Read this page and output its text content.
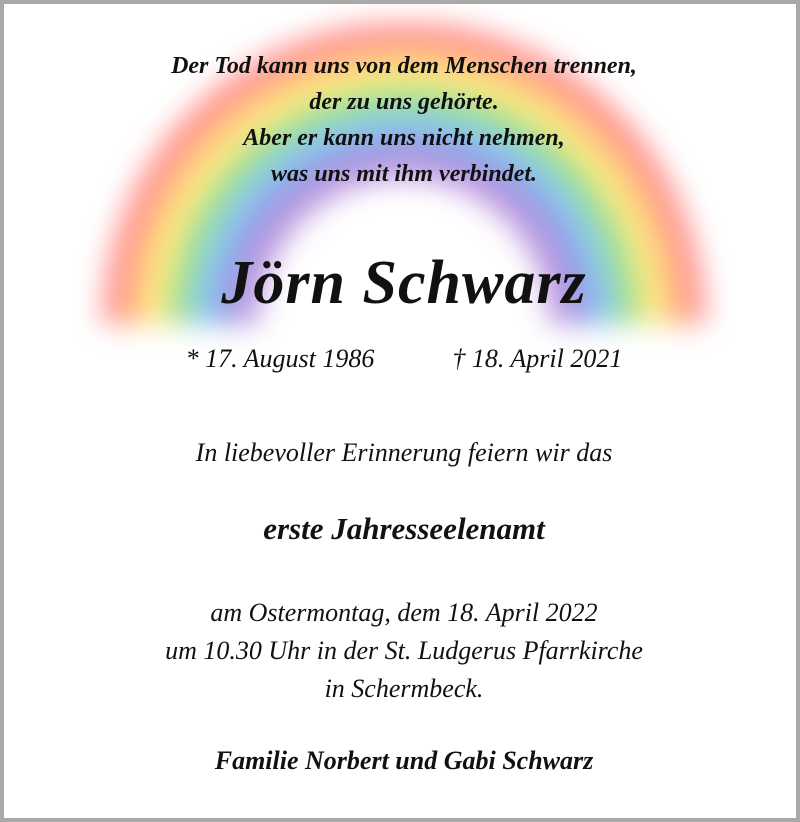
Der Tod kann uns von dem Menschen trennen,
der zu uns gehörte.
Aber er kann uns nicht nehmen,
was uns mit ihm verbindet.
Jörn Schwarz
* 17. August 1986	† 18. April 2021
In liebevoller Erinnerung feiern wir das
erste Jahresseelenamt
am Ostermontag, dem 18. April 2022
um 10.30 Uhr in der St. Ludgerus Pfarrkirche
in Schermbeck.
Familie Norbert und Gabi Schwarz
